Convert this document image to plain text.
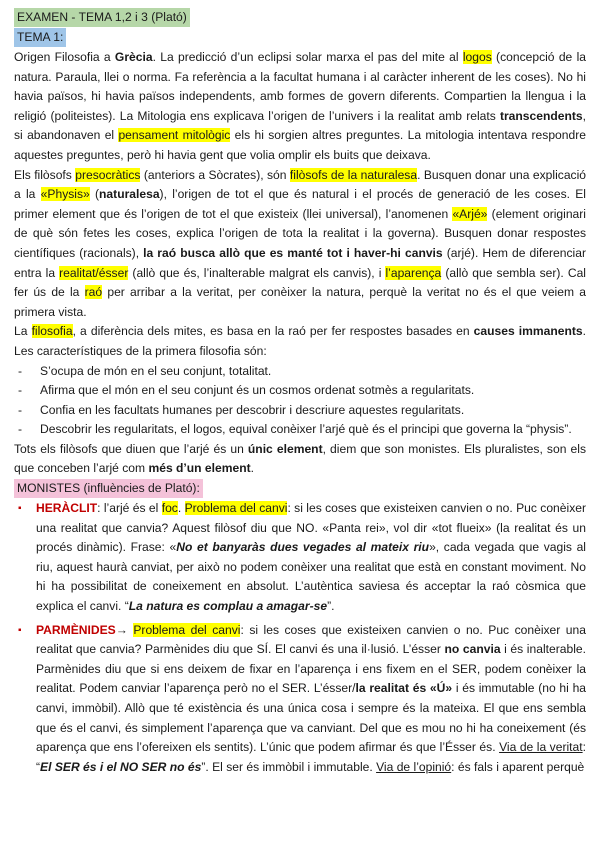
EXAMEN - TEMA 1,2 i 3 (Plató)
TEMA 1:

Origen Filosofia a Grècia. La predicció d’un eclipsi solar marxa el pas del mite al logos (concepció de la natura. Paraula, llei o norma. Fa referència a la facultat humana i al caràcter inherent de les coses). No hi havia països, hi havia països independents, amb formes de govern diferents. Compartien la llengua i la religió (politeistes). La Mitologia ens explicava l’origen de l’univers i la realitat amb relats transcendents, si abandonaven el pensament mitològic els hi sorgien altres preguntes. La mitologia intentava respondre aquestes preguntes, però hi havia gent que volia omplir els buits que deixava.

Els filòsofs presocràtics (anteriors a Sòcrates), són filòsofs de la naturalesa. Busquen donar una explicació a la «Physis» (naturalesa), l’origen de tot el que és natural i el procés de generació de les coses. El primer element que és l’origen de tot el que existeix (llei universal), l’anomenen «Arjé» (element originari de què són fetes les coses, explica l’origen de tota la realitat i la governa). Busquen donar respostes científiques (racionals), la raó busca allò que es manté tot i haver-hi canvis (arjé). Hem de diferenciar entra la realitat/ésser (allò que és, l’inalterable malgrat els canvis), i l’aparença (allò que sembla ser). Cal fer ús de la raó per arribar a la veritat, per conèixer la natura, perquè la veritat no és el que veiem a primera vista.

La filosofia, a diferència dels mites, es basa en la raó per fer respostes basades en causes immanents. Les característiques de la primera filosofia són:

- S’ocupa de món en el seu conjunt, totalitat.
- Afirma que el món en el seu conjunt és un cosmos ordenat sotmès a regularitats.
- Confia en les facultats humanes per descobrir i descriure aquestes regularitats.
- Descobrir les regularitats, el logos, equival conèixer l’arjé què és el principi que governa la “physis”.

Tots els filòsofs que diuen que l’arjé és un únic element, diem que son monistes. Els pluralistes, son els que conceben l’arjé com més d’un element.

MONISTES (influències de Plató):
▪ HERÀCLIT: l’arjé és el foc. Problema del canvi: si les coses que existeixen canvien o no. Puc conèixer una realitat que canvia? Aquest filòsof diu que NO. «Panta rei», vol dir «tot flueix» (la realitat és un procés dinàmic). Frase: «No et banyaràs dues vegades al mateix riu», cada vegada que vagis al riu, aquest haurà canviat, per això no podem conèixer una realitat que està en constant moviment. No hi ha possibilitat de coneixement en absolut. L’autèntica saviesa és acceptar la raó còsmica que explica el canvi. “La natura es complau a amagar-se”.
▪ PARMÈNIDES→ Problema del canvi: si les coses que existeixen canvien o no. Puc conèixer una realitat que canvia? Parmènides diu que SÍ. El canvi és una il·lusió. L’ésser no canvia i és inalterable. Parmènides diu que si ens deixem de fixar en l’aparença i ens fixem en el SER, podem conèixer la realitat. Podem canviar l’aparença però no el SER. L’ésser/la realitat és «Ú» i és immutable (no hi ha canvi, immòbil). Allò que té existència és una única cosa i sempre és la mateixa. El que ens sembla que és el canvi, és simplement l’aparença que va canviant. Del que es mou no hi ha coneixement (és aparença que ens l’ofereixen els sentits). L’únic que podem afirmar és que l’Ésser és. Via de la veritat: “El SER és i el NO SER no és”. El ser és immòbil i immutable. Via de l’opinió: és fals i aparent perquè
